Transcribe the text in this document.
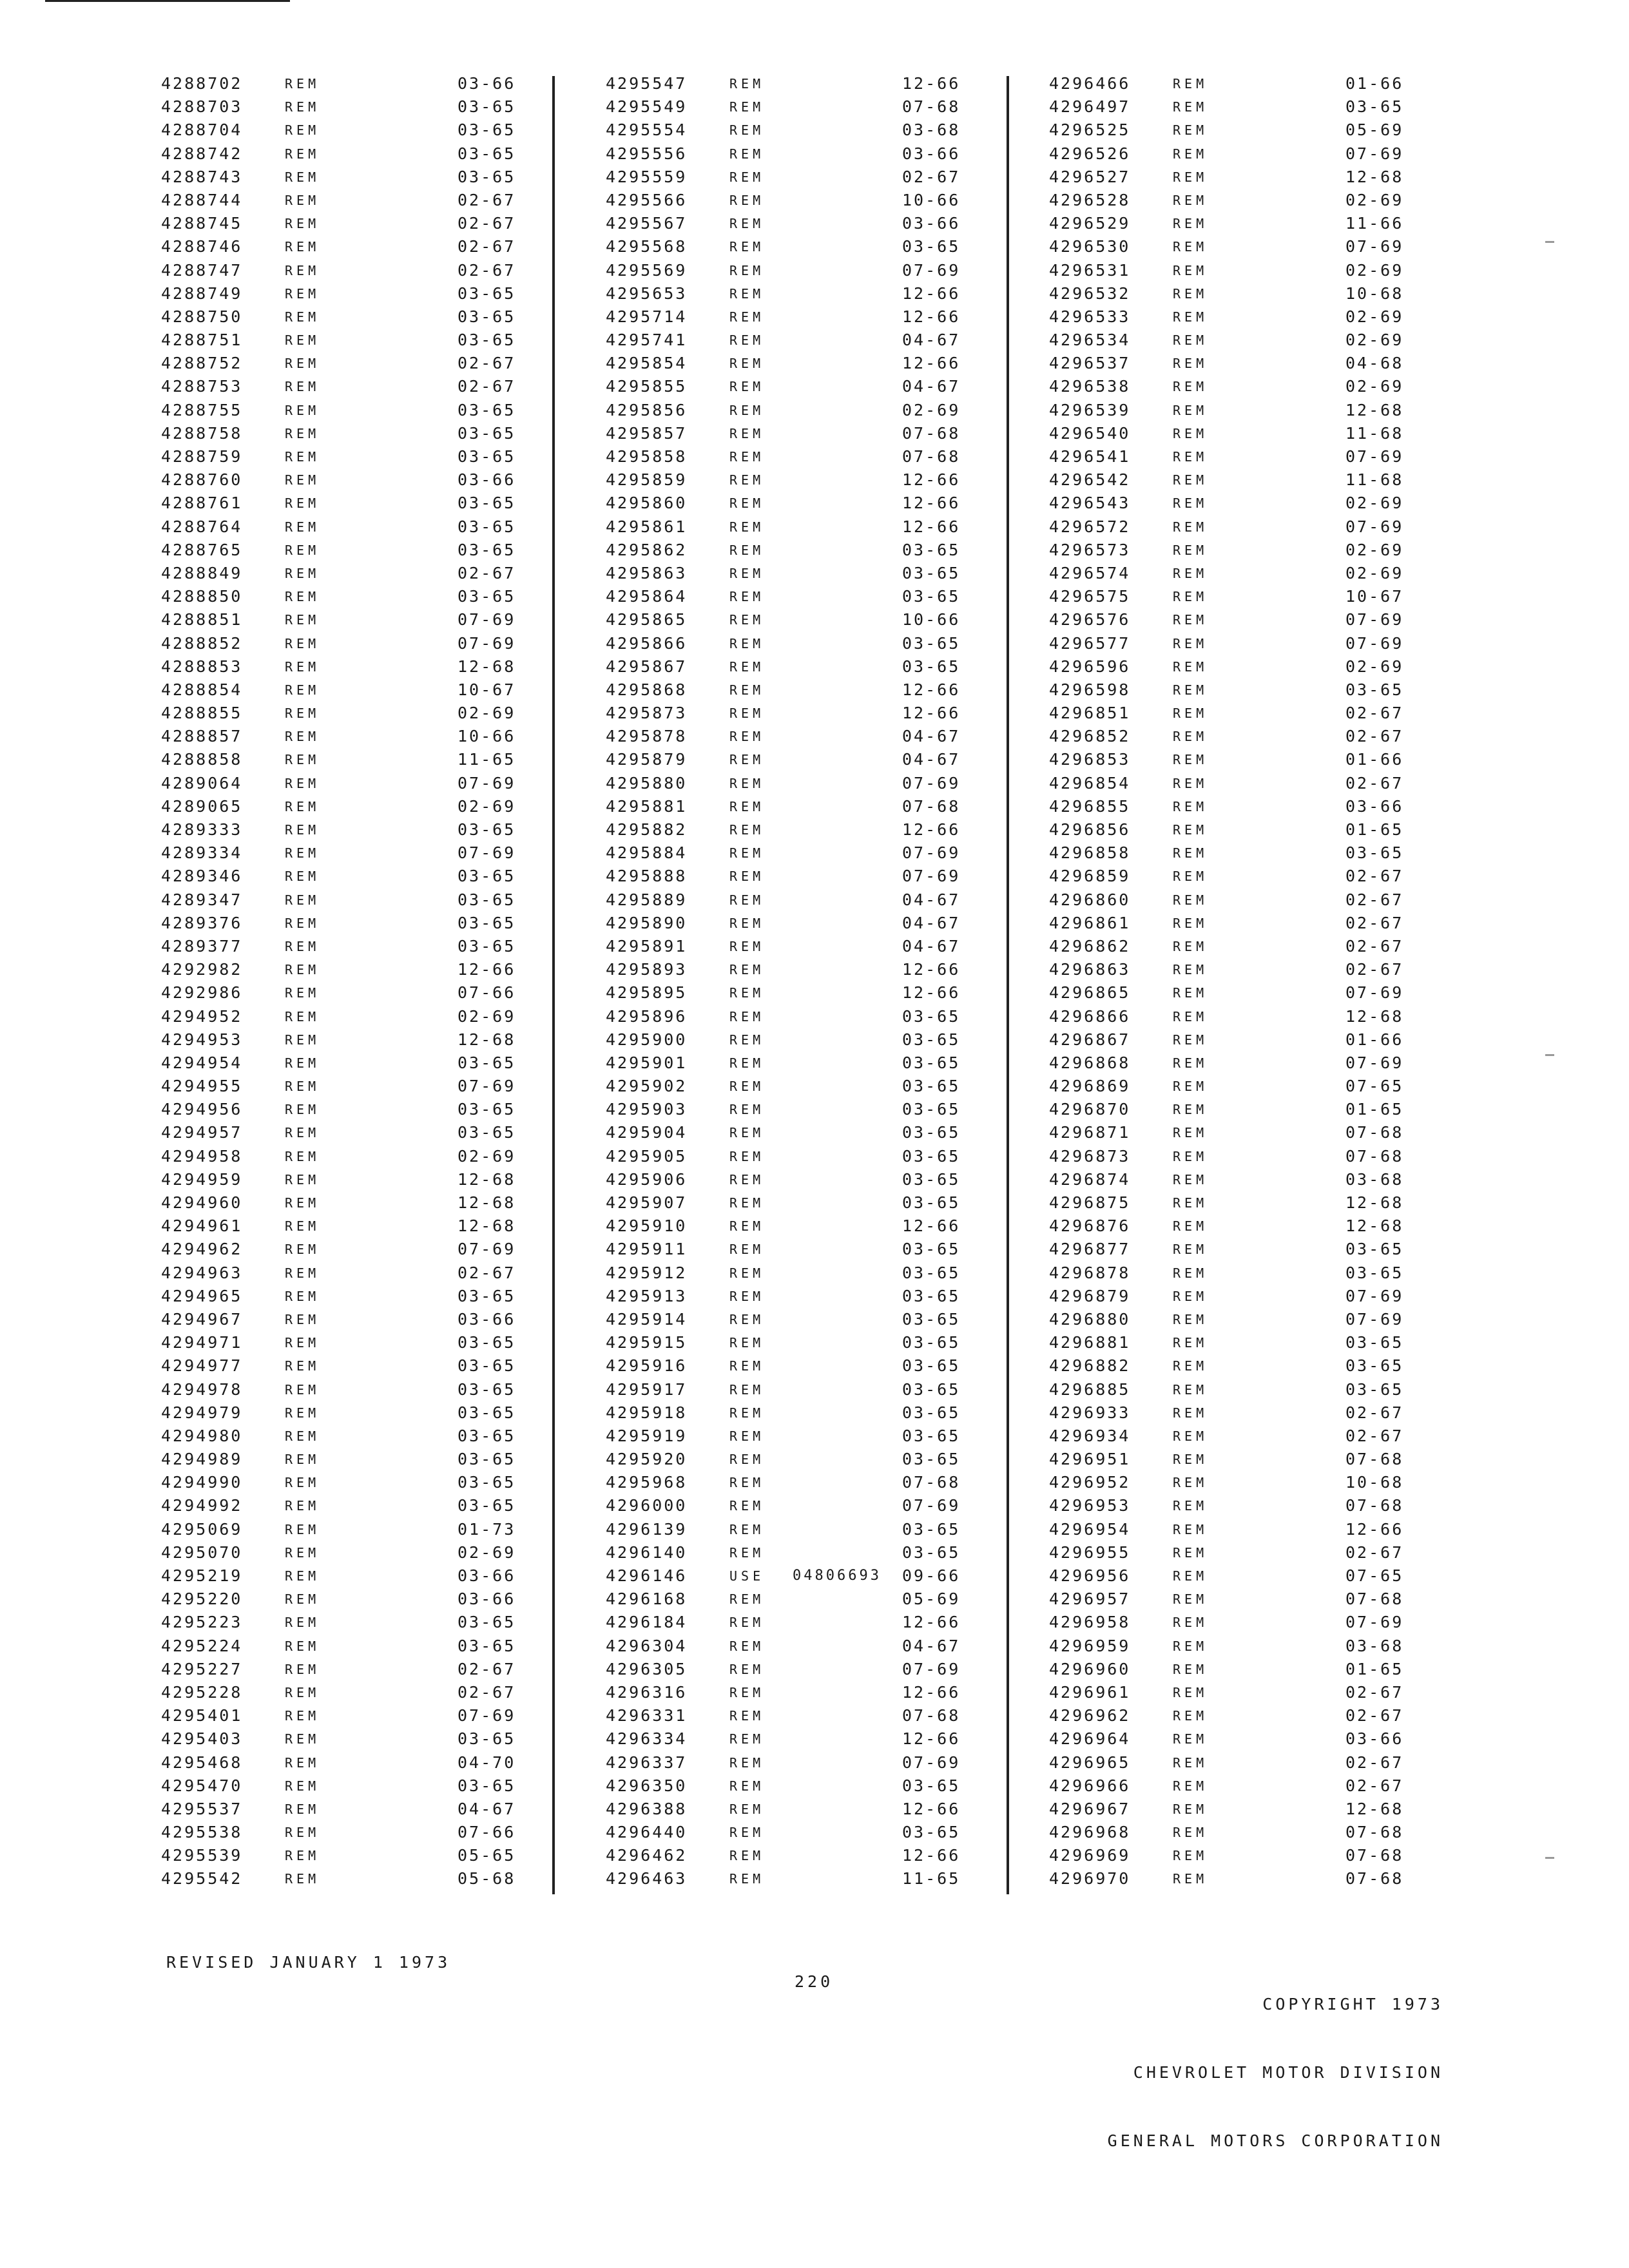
4288702	REM	03-66
4288703	REM	03-65
4288704	REM	03-65
4288742	REM	03-65
4288743	REM	03-65
4288744	REM	02-67
4288745	REM	02-67
4288746	REM	02-67
4288747	REM	02-67
4288749	REM	03-65
4288750	REM	03-65
4288751	REM	03-65
4288752	REM	02-67
4288753	REM	02-67
4288755	REM	03-65
4288758	REM	03-65
4288759	REM	03-65
4288760	REM	03-66
4288761	REM	03-65
4288764	REM	03-65
4288765	REM	03-65
4288849	REM	02-67
4288850	REM	03-65
4288851	REM	07-69
4288852	REM	07-69
4288853	REM	12-68
4288854	REM	10-67
4288855	REM	02-69
4288857	REM	10-66
4288858	REM	11-65
4289064	REM	07-69
4289065	REM	02-69
4289333	REM	03-65
4289334	REM	07-69
4289346	REM	03-65
4289347	REM	03-65
4289376	REM	03-65
4289377	REM	03-65
4292982	REM	12-66
4292986	REM	07-66
4294952	REM	02-69
4294953	REM	12-68
4294954	REM	03-65
4294955	REM	07-69
4294956	REM	03-65
4294957	REM	03-65
4294958	REM	02-69
4294959	REM	12-68
4294960	REM	12-68
4294961	REM	12-68
4294962	REM	07-69
4294963	REM	02-67
4294965	REM	03-65
4294967	REM	03-66
4294971	REM	03-65
4294977	REM	03-65
4294978	REM	03-65
4294979	REM	03-65
4294980	REM	03-65
4294989	REM	03-65
4294990	REM	03-65
4294992	REM	03-65
4295069	REM	01-73
4295070	REM	02-69
4295219	REM	03-66
4295220	REM	03-66
4295223	REM	03-65
4295224	REM	03-65
4295227	REM	02-67
4295228	REM	02-67
4295401	REM	07-69
4295403	REM	03-65
4295468	REM	04-70
4295470	REM	03-65
4295537	REM	04-67
4295538	REM	07-66
4295539	REM	05-65
4295542	REM	05-68
4295547	REM	12-66
4295549	REM	07-68
4295554	REM	03-68
4295556	REM	03-66
4295559	REM	02-67
4295566	REM	10-66
4295567	REM	03-66
4295568	REM	03-65
4295569	REM	07-69
4295653	REM	12-66
4295714	REM	12-66
4295741	REM	04-67
4295854	REM	12-66
4295855	REM	04-67
4295856	REM	02-69
4295857	REM	07-68
4295858	REM	07-68
4295859	REM	12-66
4295860	REM	12-66
4295861	REM	12-66
4295862	REM	03-65
4295863	REM	03-65
4295864	REM	03-65
4295865	REM	10-66
4295866	REM	03-65
4295867	REM	03-65
4295868	REM	12-66
4295873	REM	12-66
4295878	REM	04-67
4295879	REM	04-67
4295880	REM	07-69
4295881	REM	07-68
4295882	REM	12-66
4295884	REM	07-69
4295888	REM	07-69
4295889	REM	04-67
4295890	REM	04-67
4295891	REM	04-67
4295893	REM	12-66
4295895	REM	12-66
4295896	REM	03-65
4295900	REM	03-65
4295901	REM	03-65
4295902	REM	03-65
4295903	REM	03-65
4295904	REM	03-65
4295905	REM	03-65
4295906	REM	03-65
4295907	REM	03-65
4295910	REM	12-66
4295911	REM	03-65
4295912	REM	03-65
4295913	REM	03-65
4295914	REM	03-65
4295915	REM	03-65
4295916	REM	03-65
4295917	REM	03-65
4295918	REM	03-65
4295919	REM	03-65
4295920	REM	03-65
4295968	REM	07-68
4296000	REM	07-69
4296139	REM	03-65
4296140	REM	03-65
4296146	USE 04806693 09-66
4296168	REM	05-69
4296184	REM	12-66
4296304	REM	04-67
4296305	REM	07-69
4296316	REM	12-66
4296331	REM	07-68
4296334	REM	12-66
4296337	REM	07-69
4296350	REM	03-65
4296388	REM	12-66
4296440	REM	03-65
4296462	REM	12-66
4296463	REM	11-65
4296466	REM	01-66
4296497	REM	03-65
4296525	REM	05-69
4296526	REM	07-69
4296527	REM	12-68
4296528	REM	02-69
4296529	REM	11-66
4296530	REM	07-69
4296531	REM	02-69
4296532	REM	10-68
4296533	REM	02-69
4296534	REM	02-69
4296537	REM	04-68
4296538	REM	02-69
4296539	REM	12-68
4296540	REM	11-68
4296541	REM	07-69
4296542	REM	11-68
4296543	REM	02-69
4296572	REM	07-69
4296573	REM	02-69
4296574	REM	02-69
4296575	REM	10-67
4296576	REM	07-69
4296577	REM	07-69
4296596	REM	02-69
4296598	REM	03-65
4296851	REM	02-67
4296852	REM	02-67
4296853	REM	01-66
4296854	REM	02-67
4296855	REM	03-66
4296856	REM	01-65
4296858	REM	03-65
4296859	REM	02-67
4296860	REM	02-67
4296861	REM	02-67
4296862	REM	02-67
4296863	REM	02-67
4296865	REM	07-69
4296866	REM	12-68
4296867	REM	01-66
4296868	REM	07-69
4296869	REM	07-65
4296870	REM	01-65
4296871	REM	07-68
4296873	REM	07-68
4296874	REM	03-68
4296875	REM	12-68
4296876	REM	12-68
4296877	REM	03-65
4296878	REM	03-65
4296879	REM	07-69
4296880	REM	07-69
4296881	REM	03-65
4296882	REM	03-65
4296885	REM	03-65
4296933	REM	02-67
4296934	REM	02-67
4296951	REM	07-68
4296952	REM	10-68
4296953	REM	07-68
4296954	REM	12-66
4296955	REM	02-67
4296956	REM	07-65
4296957	REM	07-68
4296958	REM	07-69
4296959	REM	03-68
4296960	REM	01-65
4296961	REM	02-67
4296962	REM	02-67
4296964	REM	03-66
4296965	REM	02-67
4296966	REM	02-67
4296967	REM	12-68
4296968	REM	07-68
4296969	REM	07-68
4296970	REM	07-68
REVISED JANUARY 1 1973
220

COPYRIGHT 1973

CHEVROLET MOTOR DIVISION

GENERAL MOTORS CORPORATION
